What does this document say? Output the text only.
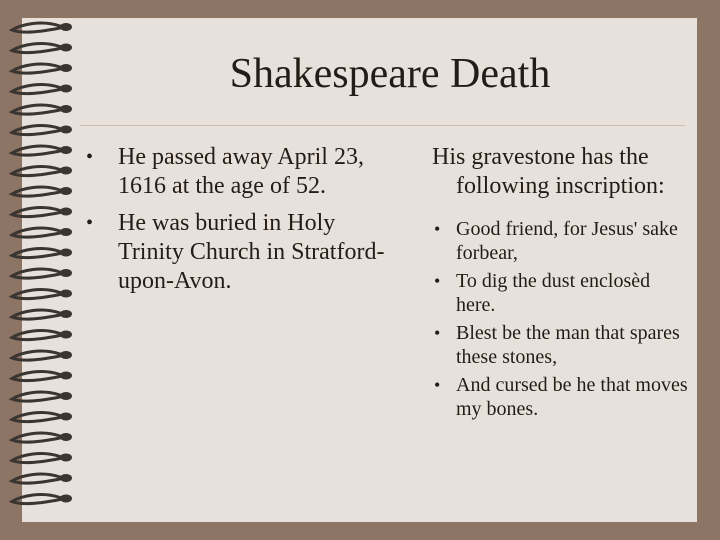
Shakespeare Death
• He passed away April 23, 1616 at the age of 52.
• He was buried in Holy Trinity Church in Stratford-upon-Avon.

His gravestone has the following inscription:

• Good friend, for Jesus' sake forbear,
• To dig the dust enclosèd here.
• Blest be the man that spares these stones,
• And cursed be he that moves my bones.
